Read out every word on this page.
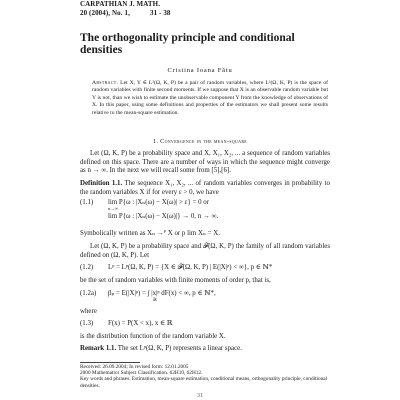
CARPATHIAN J. MATH.
20 (2004), No. 1,	31 - 38
The orthogonality principle and conditional
densities
Cristina Ioana Fătu
Abstract. Let X, Y ∈ L²(Ω, K, P) be a pair of random variables, where L²(Ω, K, P) is the space of random variables with finite second moments. If we suppose that X is an observable random variable but Y is not, than we wish to estimate the unobservable component Y from the knowledge of observations of X. In this paper, using some definitions and properties of the estimators we shall present some results relative to the mean-square estimation.
1. Convergence in the mean-square
Let (Ω, K, P) be a probability space and X, X₁, X₂, ... a sequence of random variables defined on this space. There are a number of ways in which the sequence might converge as n → ∞. In the next we will recall some from [5],[6].
Definition 1.1. The sequence X₁, X₂, ... of random variables converges in probability to the random variables X if for every ε > 0, we have
(1.1) lim P{ω : |Xₙ(ω) − X(ω)| > ε} = 0 or
n→∞
lim P{ω : |Xₙ(ω) − X(ω)|} → 0, n → ∞.
Symbolically written as Xₙ →ᴾ X or p lim Xₙ = X.
Let (Ω, K, P) be a probability space and 𝓕(Ω, K, P) the family of all random variables defined on (Ω, K, P). Let
(1.2) Lᵖ = Lᵖ(Ω, K, P) = {X ∈ 𝓕(Ω, K, P) | E(|X|ᵖ) < ∞}, p ∈ ℕ*
be the set of random variables with finite moments of order p, that is,
(1.2a) βₚ = E(|X|ᵖ) = ∫ |x|ᵖ dF(x) < ∞, p ∈ ℕ*,
ℝ
where
(1.3) F(x) = P(X < x), x ∈ ℝ
is the distribution function of the random variable X.
Remark 1.1. The set Lᵖ(Ω, K, P) represents a linear space.
Received: 26.09.2004; In revised form: 12.01.2005
2000 Mathematics Subject Classification. 62H10, 62H12.
Key words and phrases. Estimation, mean-square estimation, conditional means, orthogonality principle, conditional densities.
31
